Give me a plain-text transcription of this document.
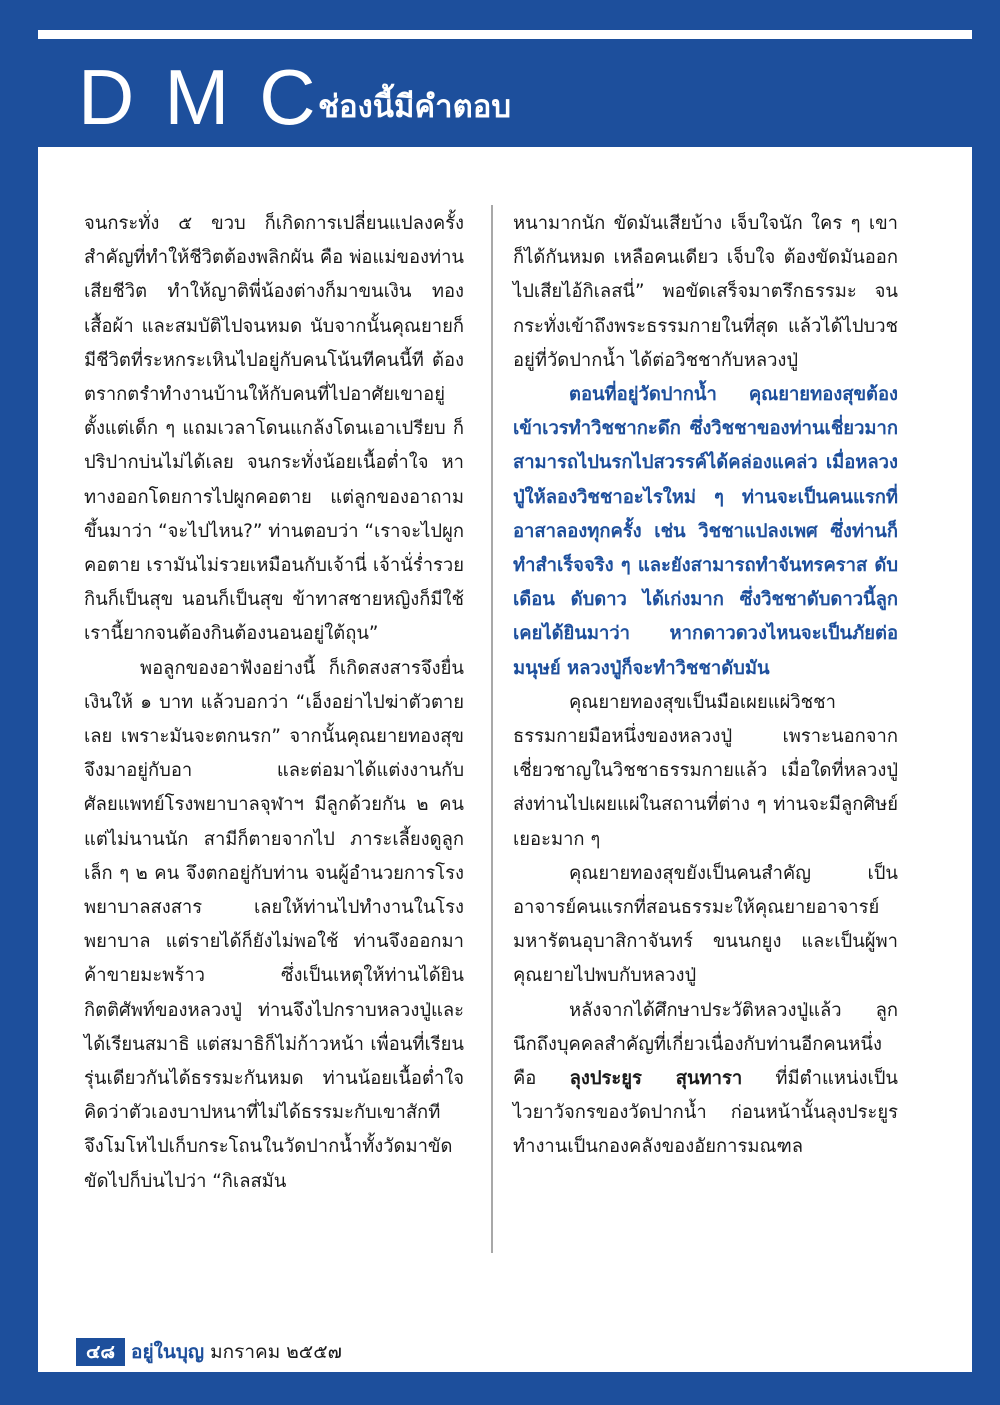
DMC
ช่องนี้มีคำตอบ

จนกระทั่ง ๕ ขวบ ก็เกิดการเปลี่ยนแปลงครั้งสำคัญที่ทำให้ชีวิตต้องพลิกผัน คือ พ่อแม่ของท่านเสียชีวิต ทำให้ญาติพี่น้องต่างก็มาขนเงิน ทอง เสื้อผ้า และสมบัติไปจนหมด นับจากนั้นคุณยายก็มีชีวิตที่ระหกระเหินไปอยู่กับคนโน้นทีคนนี้ที ต้องตรากตรำทำงานบ้านให้กับคนที่ไปอาศัยเขาอยู่ตั้งแต่เด็ก ๆ แถมเวลาโดนแกล้งโดนเอาเปรียบ ก็ปริปากบ่นไม่ได้เลย จนกระทั่งน้อยเนื้อต่ำใจ หาทางออกโดยการไปผูกคอตาย แต่ลูกของอาถามขึ้นมาว่า “จะไปไหน?” ท่านตอบว่า “เราจะไปผูกคอตาย เรามันไม่รวยเหมือนกับเจ้านี่ เจ้านั่ร่ำรวย กินก็เป็นสุข นอนก็เป็นสุข ข้าทาสชายหญิงก็มีใช้ เรานี้ยากจนต้องกินต้องนอนอยู่ใต้ถุน”

พอลูกของอาฟังอย่างนี้ ก็เกิดสงสารจึงยื่นเงินให้ ๑ บาท แล้วบอกว่า “เอ็งอย่าไปฆ่าตัวตายเลย เพราะมันจะตกนรก” จากนั้นคุณยายทองสุขจึงมาอยู่กับอา และต่อมาได้แต่งงานกับศัลยแพทย์โรงพยาบาลจุฬาฯ มีลูกด้วยกัน ๒ คน แต่ไม่นานนัก สามีก็ตายจากไป ภาระเลี้ยงดูลูกเล็ก ๆ ๒ คน จึงตกอยู่กับท่าน จนผู้อำนวยการโรงพยาบาลสงสาร เลยให้ท่านไปทำงานในโรงพยาบาล แต่รายได้ก็ยังไม่พอใช้ ท่านจึงออกมาค้าขายมะพร้าว ซึ่งเป็นเหตุให้ท่านได้ยินกิตติศัพท์ของหลวงปู่ ท่านจึงไปกราบหลวงปู่และได้เรียนสมาธิ แต่สมาธิก็ไม่ก้าวหน้า เพื่อนที่เรียนรุ่นเดียวกันได้ธรรมะกันหมด ท่านน้อยเนื้อต่ำใจ คิดว่าตัวเองบาปหนาที่ไม่ได้ธรรมะกับเขาสักที จึงโมโหไปเก็บกระโถนในวัดปากน้ำทั้งวัดมาขัด ขัดไปก็บ่นไปว่า “กิเลสมัน

หนามากนัก ขัดมันเสียบ้าง เจ็บใจนัก ใคร ๆ เขาก็ได้กันหมด เหลือคนเดียว เจ็บใจ ต้องขัดมันออกไปเสียไอ้กิเลสนี่” พอขัดเสร็จมาตรึกธรรมะ จนกระทั่งเข้าถึงพระธรรมกายในที่สุด แล้วได้ไปบวชอยู่ที่วัดปากน้ำ ได้ต่อวิชชากับหลวงปู่

ตอนที่อยู่วัดปากน้ำ คุณยายทองสุขต้องเข้าเวรทำวิชชากะดึก ซึ่งวิชชาของท่านเชี่ยวมาก สามารถไปนรกไปสวรรค์ได้คล่องแคล่ว เมื่อหลวงปู่ให้ลองวิชชาอะไรใหม่ ๆ ท่านจะเป็นคนแรกที่อาสาลองทุกครั้ง เช่น วิชชาแปลงเพศ ซึ่งท่านก็ทำสำเร็จจริง ๆ และยังสามารถทำจันทรคราส ดับเดือน ดับดาว ได้เก่งมาก ซึ่งวิชชาดับดาวนี้ลูกเคยได้ยินมาว่า หากดาวดวงไหนจะเป็นภัยต่อมนุษย์ หลวงปู่ก็จะทำวิชชาดับมัน

คุณยายทองสุขเป็นมือเผยแผ่วิชชาธรรมกายมือหนึ่งของหลวงปู่ เพราะนอกจากเชี่ยวชาญในวิชชาธรรมกายแล้ว เมื่อใดที่หลวงปู่ส่งท่านไปเผยแผ่ในสถานที่ต่าง ๆ ท่านจะมีลูกศิษย์เยอะมาก ๆ

คุณยายทองสุขยังเป็นคนสำคัญ เป็นอาจารย์คนแรกที่สอนธรรมะให้คุณยายอาจารย์มหารัตนอุบาสิกาจันทร์ ขนนกยูง และเป็นผู้พาคุณยายไปพบกับหลวงปู่

หลังจากได้ศึกษาประวัติหลวงปู่แล้ว ลูกนึกถึงบุคคลสำคัญที่เกี่ยวเนื่องกับท่านอีกคนหนึ่ง คือ ลุงประยูร สุนทารา ที่มีตำแหน่งเป็นไวยาวัจกรของวัดปากน้ำ ก่อนหน้านั้นลุงประยูรทำงานเป็นกองคลังของอัยการมณฑล

๔๘ อยู่ในบุญ มกราคม ๒๕๕๗
